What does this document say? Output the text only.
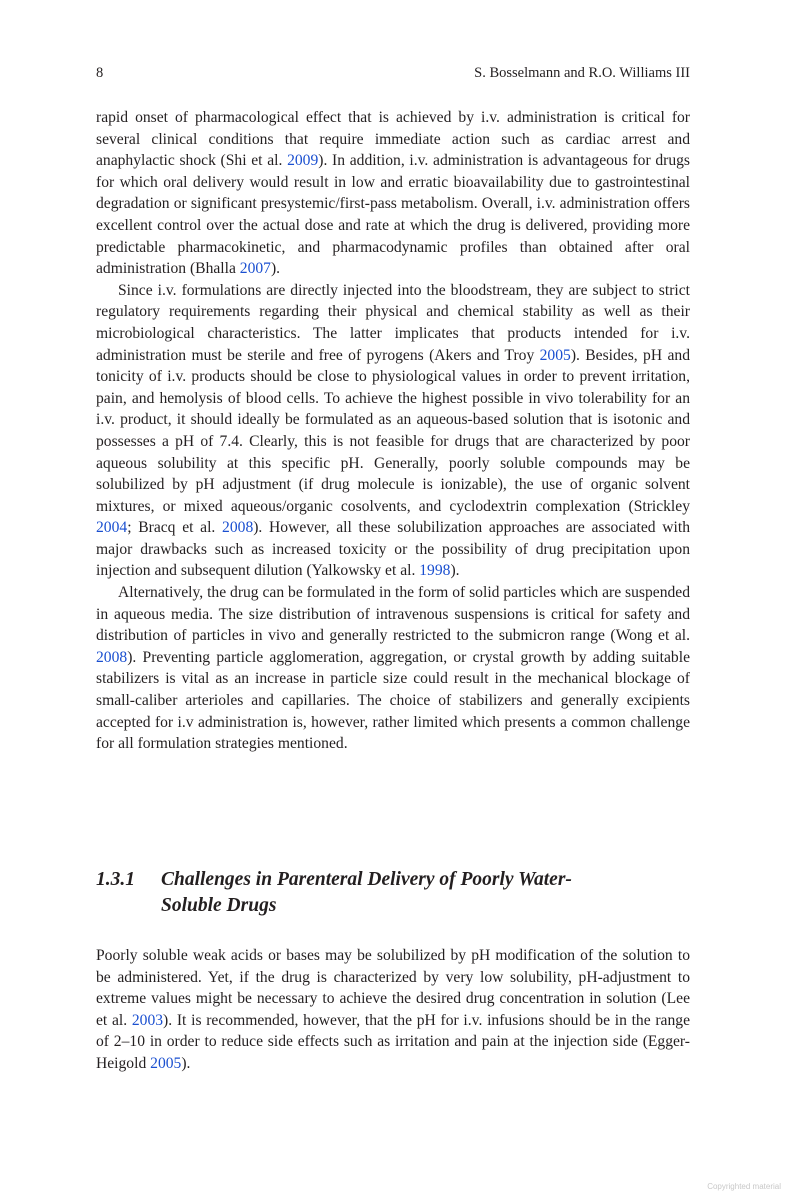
8	S. Bosselmann and R.O. Williams III

rapid onset of pharmacological effect that is achieved by i.v. administration is critical for several clinical conditions that require immediate action such as cardiac arrest and anaphylactic shock (Shi et al. 2009). In addition, i.v. administration is advantageous for drugs for which oral delivery would result in low and erratic bioavailability due to gastrointestinal degradation or significant presystemic/first-pass metabolism. Overall, i.v. administration offers excellent control over the actual dose and rate at which the drug is delivered, providing more predictable pharmacokinetic, and pharmacodynamic profiles than obtained after oral administration (Bhalla 2007).

Since i.v. formulations are directly injected into the bloodstream, they are subject to strict regulatory requirements regarding their physical and chemical stability as well as their microbiological characteristics. The latter implicates that products intended for i.v. administration must be sterile and free of pyrogens (Akers and Troy 2005). Besides, pH and tonicity of i.v. products should be close to physiological values in order to prevent irritation, pain, and hemolysis of blood cells. To achieve the highest possible in vivo tolerability for an i.v. product, it should ideally be formulated as an aqueous-based solution that is isotonic and possesses a pH of 7.4. Clearly, this is not feasible for drugs that are characterized by poor aqueous solubility at this specific pH. Generally, poorly soluble compounds may be solubilized by pH adjustment (if drug molecule is ionizable), the use of organic solvent mixtures, or mixed aqueous/organic cosolvents, and cyclodextrin complexation (Strickley 2004; Bracq et al. 2008). However, all these solubilization approaches are associated with major drawbacks such as increased toxicity or the possibility of drug precipitation upon injection and subsequent dilution (Yalkowsky et al. 1998).

Alternatively, the drug can be formulated in the form of solid particles which are suspended in aqueous media. The size distribution of intravenous suspensions is critical for safety and distribution of particles in vivo and generally restricted to the submicron range (Wong et al. 2008). Preventing particle agglomeration, aggregation, or crystal growth by adding suitable stabilizers is vital as an increase in particle size could result in the mechanical blockage of small-caliber arterioles and capillaries. The choice of stabilizers and generally excipients accepted for i.v administration is, however, rather limited which presents a common challenge for all formulation strategies mentioned.

1.3.1 Challenges in Parenteral Delivery of Poorly Water-Soluble Drugs

Poorly soluble weak acids or bases may be solubilized by pH modification of the solution to be administered. Yet, if the drug is characterized by very low solubility, pH-adjustment to extreme values might be necessary to achieve the desired drug concentration in solution (Lee et al. 2003). It is recommended, however, that the pH for i.v. infusions should be in the range of 2–10 in order to reduce side effects such as irritation and pain at the injection side (Egger-Heigold 2005).

Copyrighted material
